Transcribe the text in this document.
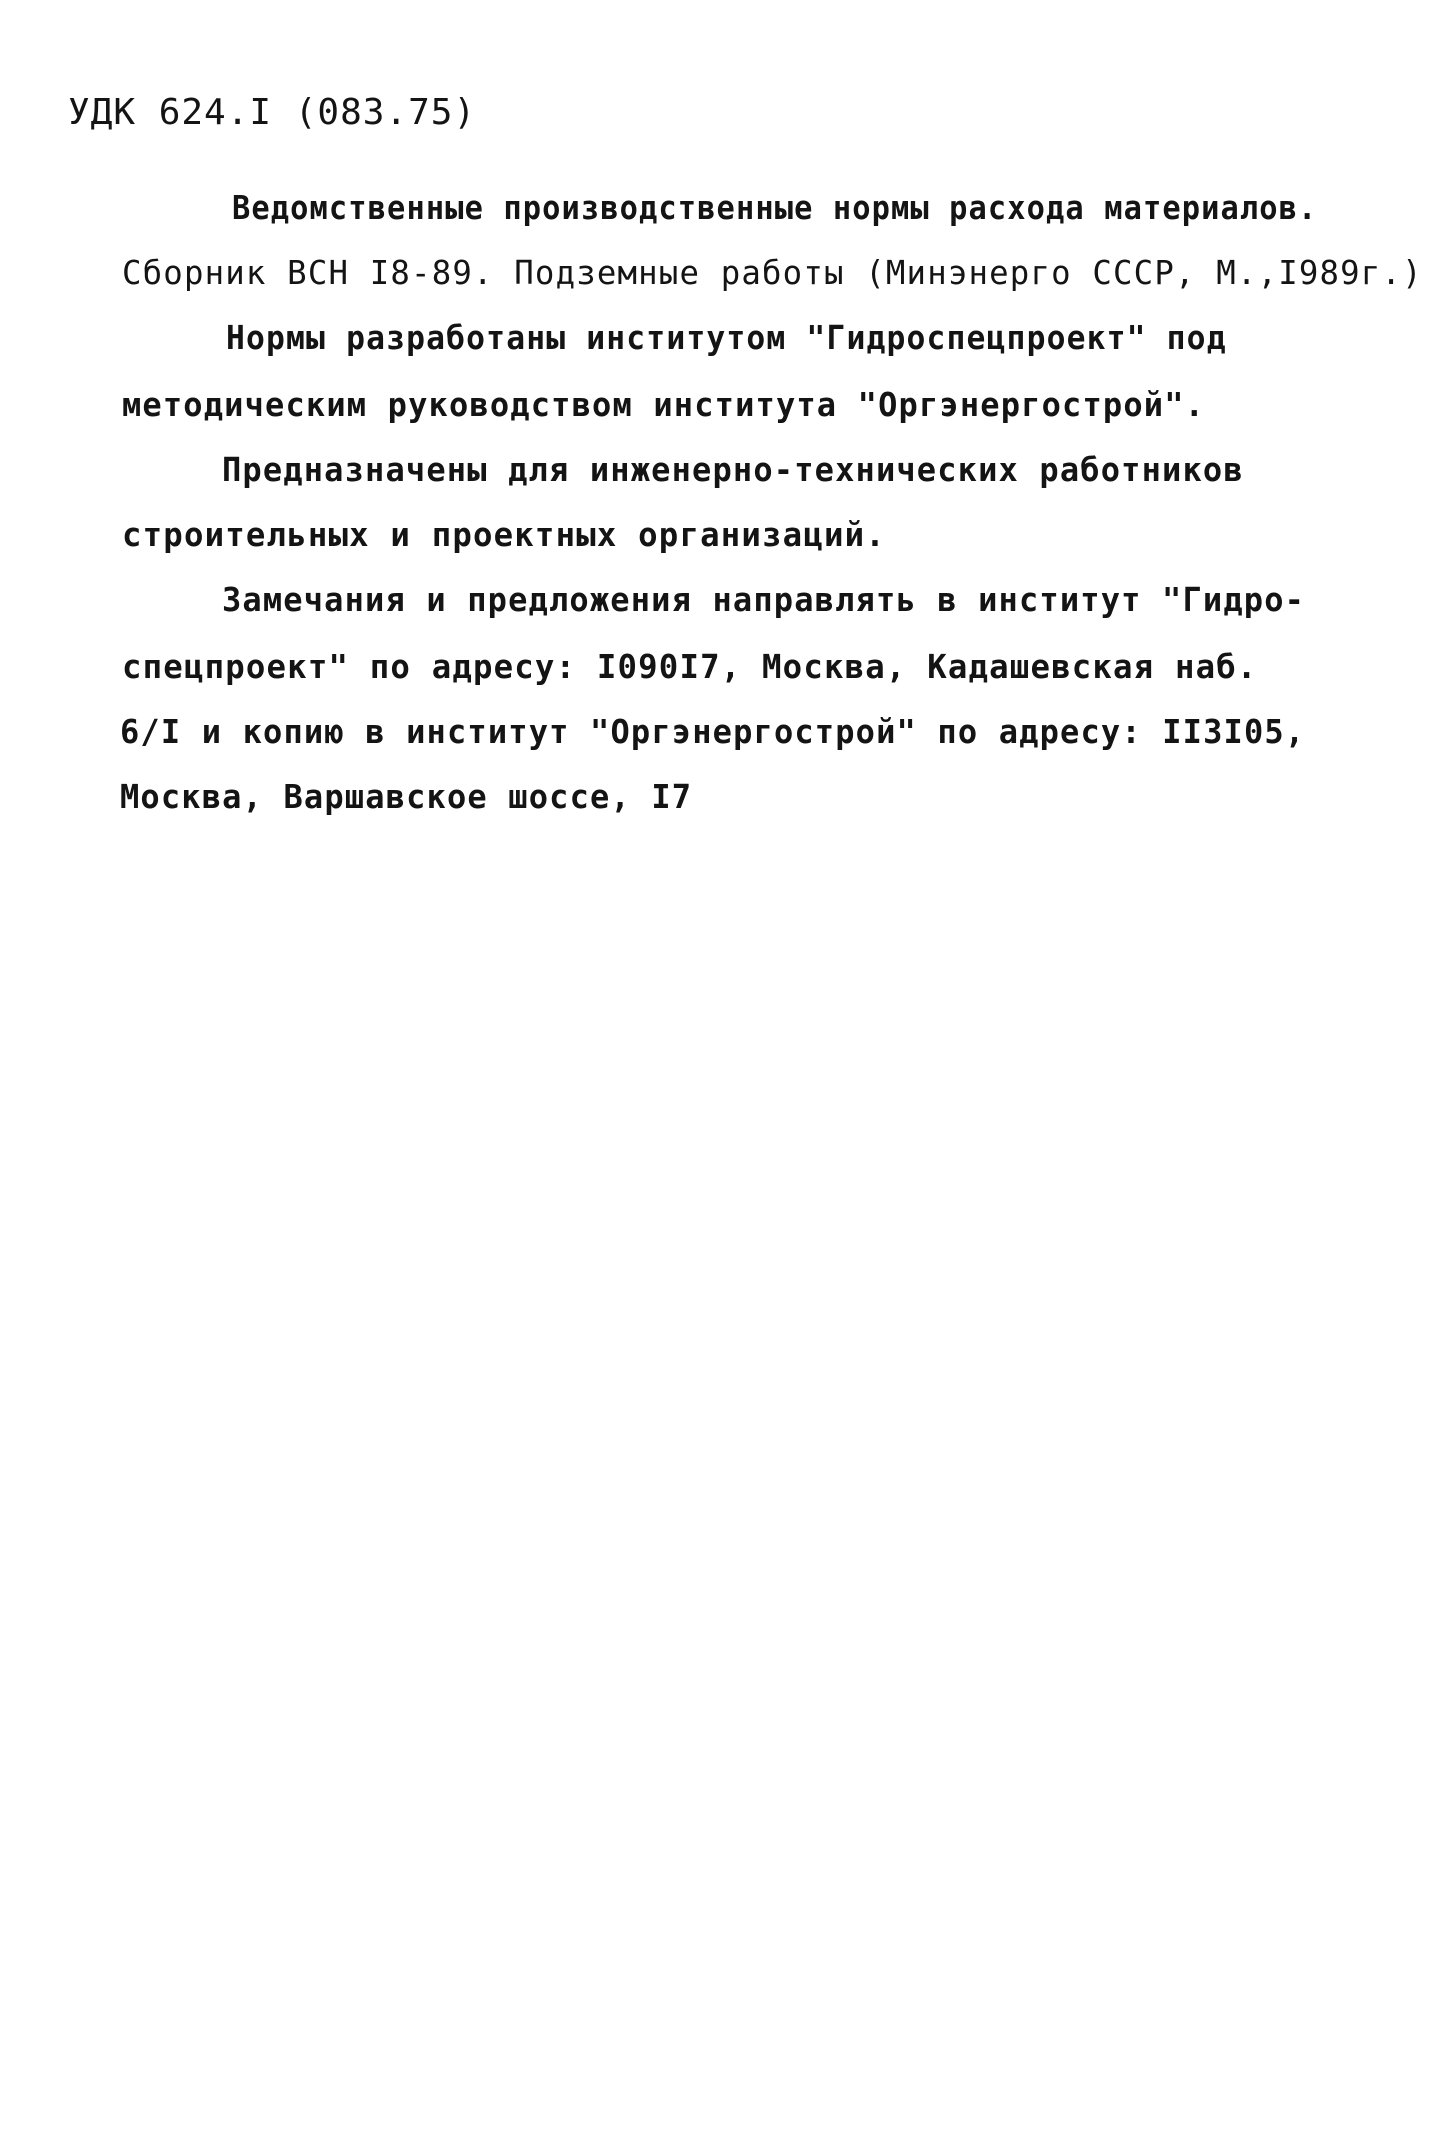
УДК 624.I (083.75)
Ведомственные производственные нормы расхода материалов.
Сборник ВСН I8-89. Подземные работы (Минэнерго СССР, М.,I989г.)
Нормы разработаны институтом "Гидроспецпроект" под
методическим руководством института "Оргэнергострой".
Предназначены для инженерно-технических работников
строительных и проектных организаций.
Замечания и предложения направлять в институт "Гидро-
спецпроект" по адресу: I090I7, Москва, Кадашевская наб.
6/I и копию в институт "Оргэнергострой" по адресу: II3I05,
Москва, Варшавское шоссе, I7
